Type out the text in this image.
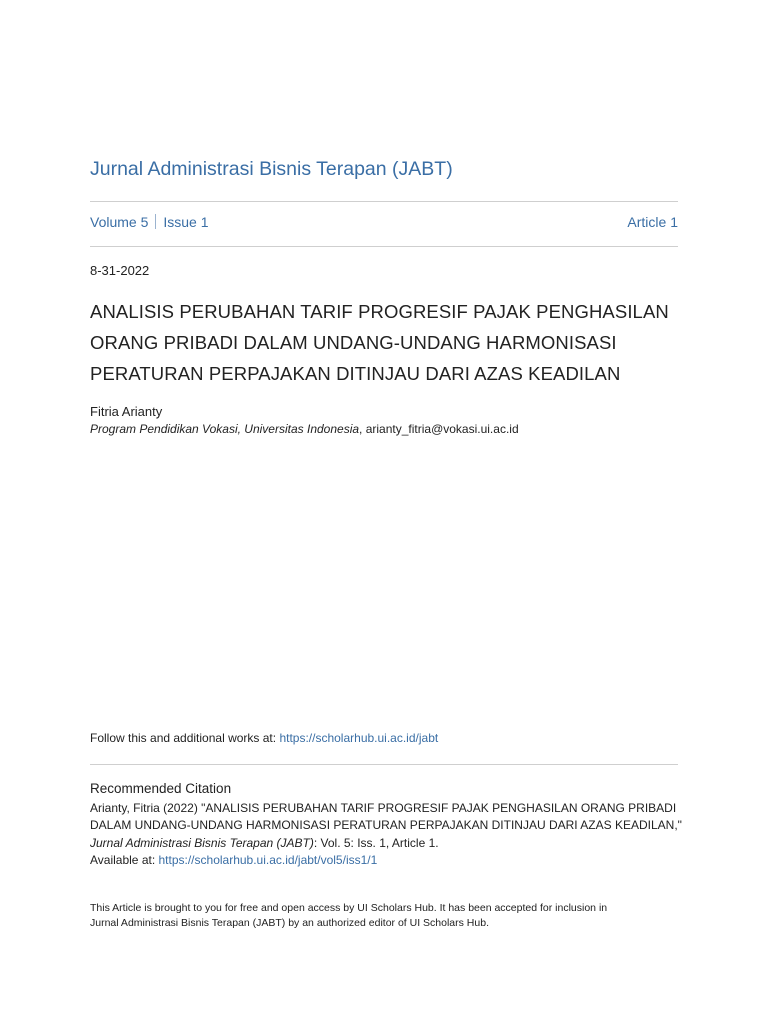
Jurnal Administrasi Bisnis Terapan (JABT)
Volume 5 Issue 1	Article 1
8-31-2022
ANALISIS PERUBAHAN TARIF PROGRESIF PAJAK PENGHASILAN
ORANG PRIBADI DALAM UNDANG-UNDANG HARMONISASI
PERATURAN PERPAJAKAN DITINJAU DARI AZAS KEADILAN
Fitria Arianty
Program Pendidikan Vokasi, Universitas Indonesia, arianty_fitria@vokasi.ui.ac.id
Follow this and additional works at: https://scholarhub.ui.ac.id/jabt
Recommended Citation
Arianty, Fitria (2022) "ANALISIS PERUBAHAN TARIF PROGRESIF PAJAK PENGHASILAN ORANG PRIBADI
DALAM UNDANG-UNDANG HARMONISASI PERATURAN PERPAJAKAN DITINJAU DARI AZAS KEADILAN,"
Jurnal Administrasi Bisnis Terapan (JABT): Vol. 5: Iss. 1, Article 1.
Available at: https://scholarhub.ui.ac.id/jabt/vol5/iss1/1
This Article is brought to you for free and open access by UI Scholars Hub. It has been accepted for inclusion in
Jurnal Administrasi Bisnis Terapan (JABT) by an authorized editor of UI Scholars Hub.
